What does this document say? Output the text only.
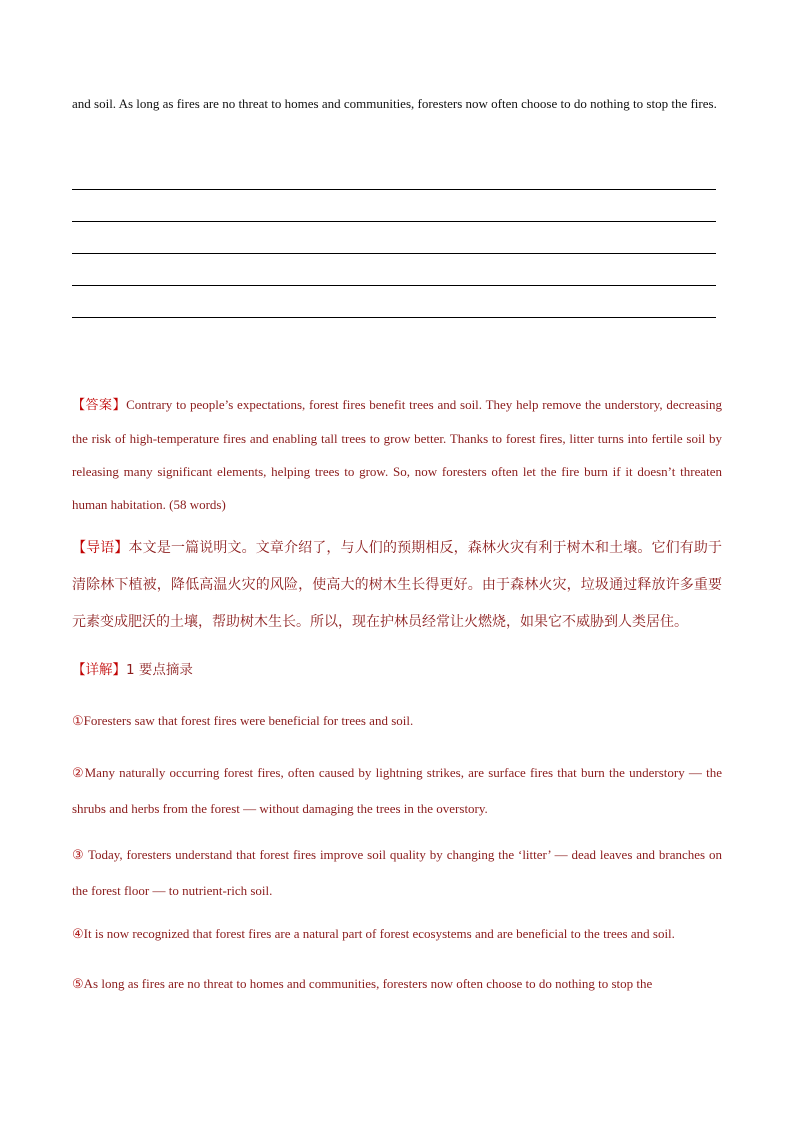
and soil. As long as fires are no threat to homes and communities, foresters now often choose to do nothing to stop the fires.

【答案】Contrary to people’s expectations, forest fires benefit trees and soil. They help remove the understory, decreasing the risk of high-temperature fires and enabling tall trees to grow better. Thanks to forest fires, litter turns into fertile soil by releasing many significant elements, helping trees to grow. So, now foresters often let the fire burn if it doesn’t threaten human habitation. (58 words)

【导语】本文是一篇说明文。文章介绍了，与人们的预期相反，森林火灾有利于树木和土壤。它们有助于清除林下植被，降低高温火灾的风险，使高大的树木生长得更好。由于森林火灾，垃圾通过释放许多重要元素变成肥沃的土壤，帮助树木生长。所以，现在护林员经常让火燃烧，如果它不威胁到人类居住。

【详解】1 要点摘录

①Foresters saw that forest fires were beneficial for trees and soil.

②Many naturally occurring forest fires, often caused by lightning strikes, are surface fires that burn the understory — the shrubs and herbs from the forest — without damaging the trees in the overstory.

③ Today, foresters understand that forest fires improve soil quality by changing the ‘litter’ — dead leaves and branches on the forest floor — to nutrient-rich soil.

④It is now recognized that forest fires are a natural part of forest ecosystems and are beneficial to the trees and soil.

⑤As long as fires are no threat to homes and communities, foresters now often choose to do nothing to stop the
